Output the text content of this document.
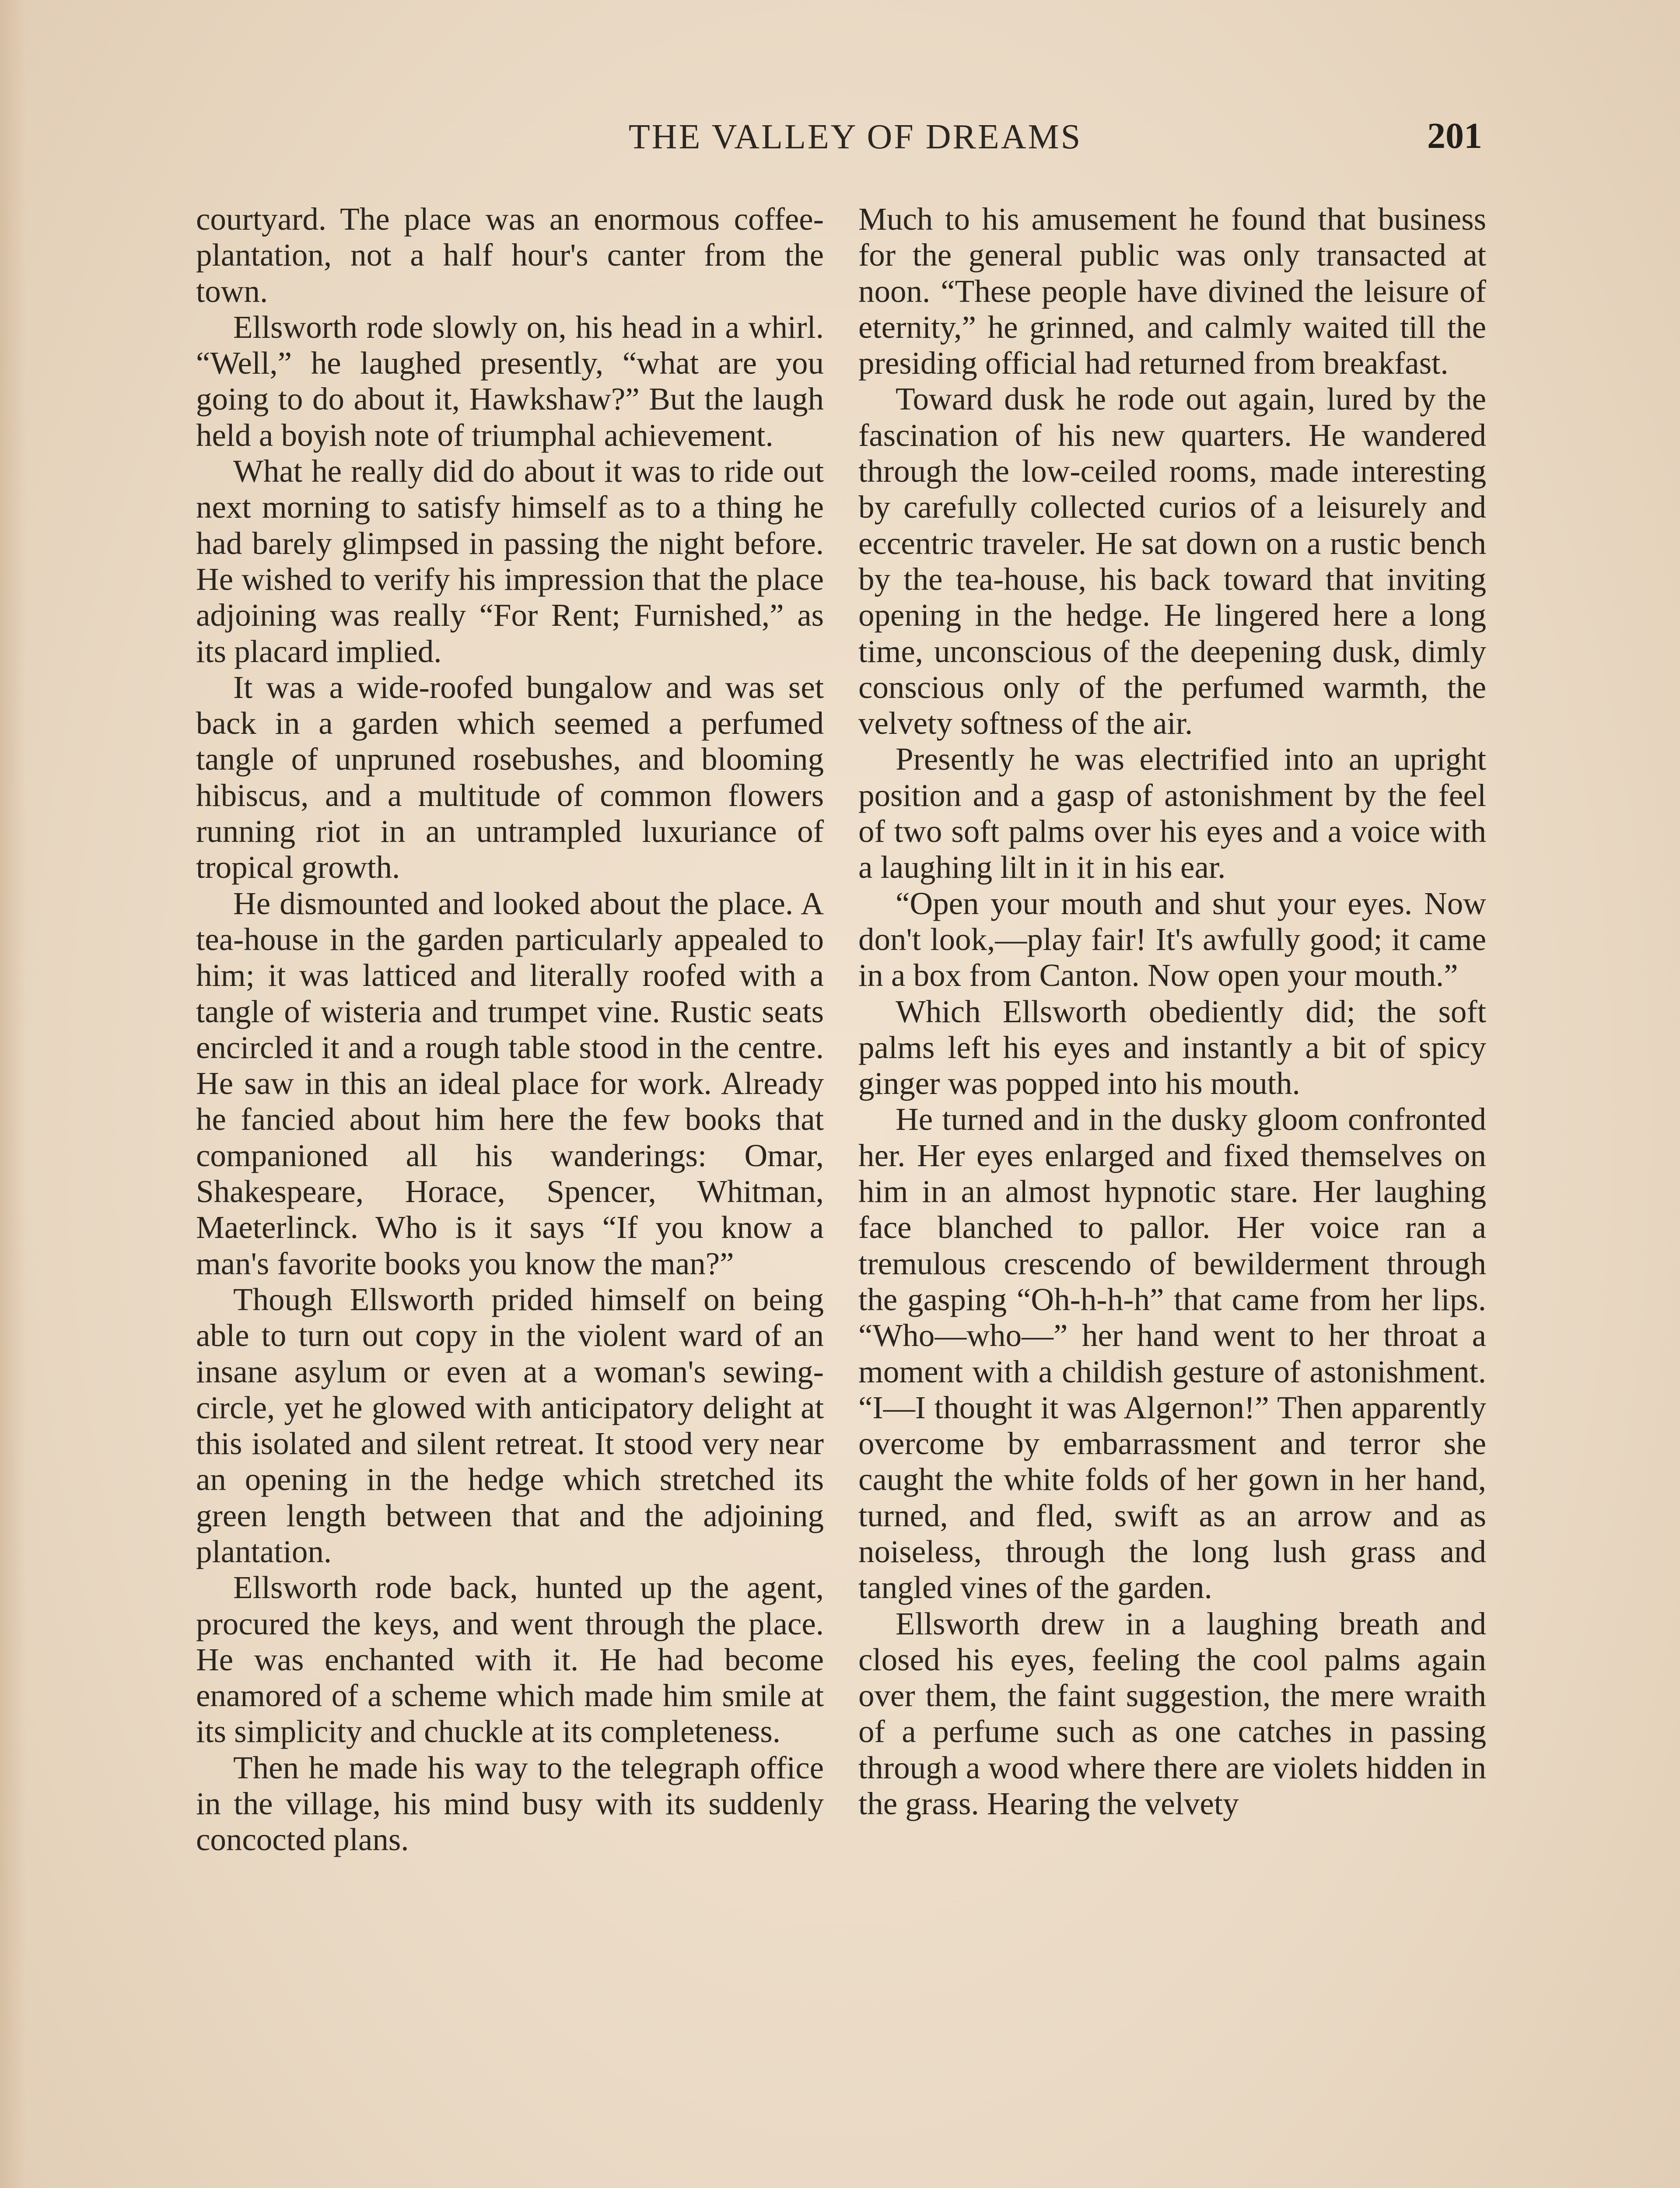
THE VALLEY OF DREAMS	201

courtyard. The place was an enormous coffee-plantation, not a half hour's canter from the town.

Ellsworth rode slowly on, his head in a whirl. “Well,” he laughed presently, “what are you going to do about it, Hawkshaw?” But the laugh held a boyish note of triumphal achievement.

What he really did do about it was to ride out next morning to satisfy himself as to a thing he had barely glimpsed in passing the night before. He wished to verify his impression that the place adjoining was really “For Rent; Furnished,” as its placard implied.

It was a wide-roofed bungalow and was set back in a garden which seemed a perfumed tangle of unpruned rosebushes, and blooming hibiscus, and a multitude of common flowers running riot in an untrampled luxuriance of tropical growth.

He dismounted and looked about the place. A tea-house in the garden particularly appealed to him; it was latticed and literally roofed with a tangle of wisteria and trumpet vine. Rustic seats encircled it and a rough table stood in the centre. He saw in this an ideal place for work. Already he fancied about him here the few books that companioned all his wanderings: Omar, Shakespeare, Horace, Spencer, Whitman, Maeterlinck. Who is it says “If you know a man's favorite books you know the man?”

Though Ellsworth prided himself on being able to turn out copy in the violent ward of an insane asylum or even at a woman's sewing-circle, yet he glowed with anticipatory delight at this isolated and silent retreat. It stood very near an opening in the hedge which stretched its green length between that and the adjoining plantation.

Ellsworth rode back, hunted up the agent, procured the keys, and went through the place. He was enchanted with it. He had become enamored of a scheme which made him smile at its simplicity and chuckle at its completeness.

Then he made his way to the telegraph office in the village, his mind busy with its suddenly concocted plans.

Much to his amusement he found that business for the general public was only transacted at noon. “These people have divined the leisure of eternity,” he grinned, and calmly waited till the presiding official had returned from breakfast.

Toward dusk he rode out again, lured by the fascination of his new quarters. He wandered through the low-ceiled rooms, made interesting by carefully collected curios of a leisurely and eccentric traveler. He sat down on a rustic bench by the tea-house, his back toward that inviting opening in the hedge. He lingered here a long time, unconscious of the deepening dusk, dimly conscious only of the perfumed warmth, the velvety softness of the air.

Presently he was electrified into an upright position and a gasp of astonishment by the feel of two soft palms over his eyes and a voice with a laughing lilt in it in his ear.

“Open your mouth and shut your eyes. Now don't look,—play fair! It's awfully good; it came in a box from Canton. Now open your mouth.”

Which Ellsworth obediently did; the soft palms left his eyes and instantly a bit of spicy ginger was popped into his mouth.

He turned and in the dusky gloom confronted her. Her eyes enlarged and fixed themselves on him in an almost hypnotic stare. Her laughing face blanched to pallor. Her voice ran a tremulous crescendo of bewilderment through the gasping “Oh-h-h-h” that came from her lips. “Who—who—” her hand went to her throat a moment with a childish gesture of astonishment. “I—I thought it was Algernon!” Then apparently overcome by embarrassment and terror she caught the white folds of her gown in her hand, turned, and fled, swift as an arrow and as noiseless, through the long lush grass and tangled vines of the garden.

Ellsworth drew in a laughing breath and closed his eyes, feeling the cool palms again over them, the faint suggestion, the mere wraith of a perfume such as one catches in passing through a wood where there are violets hidden in the grass. Hearing the velvety
